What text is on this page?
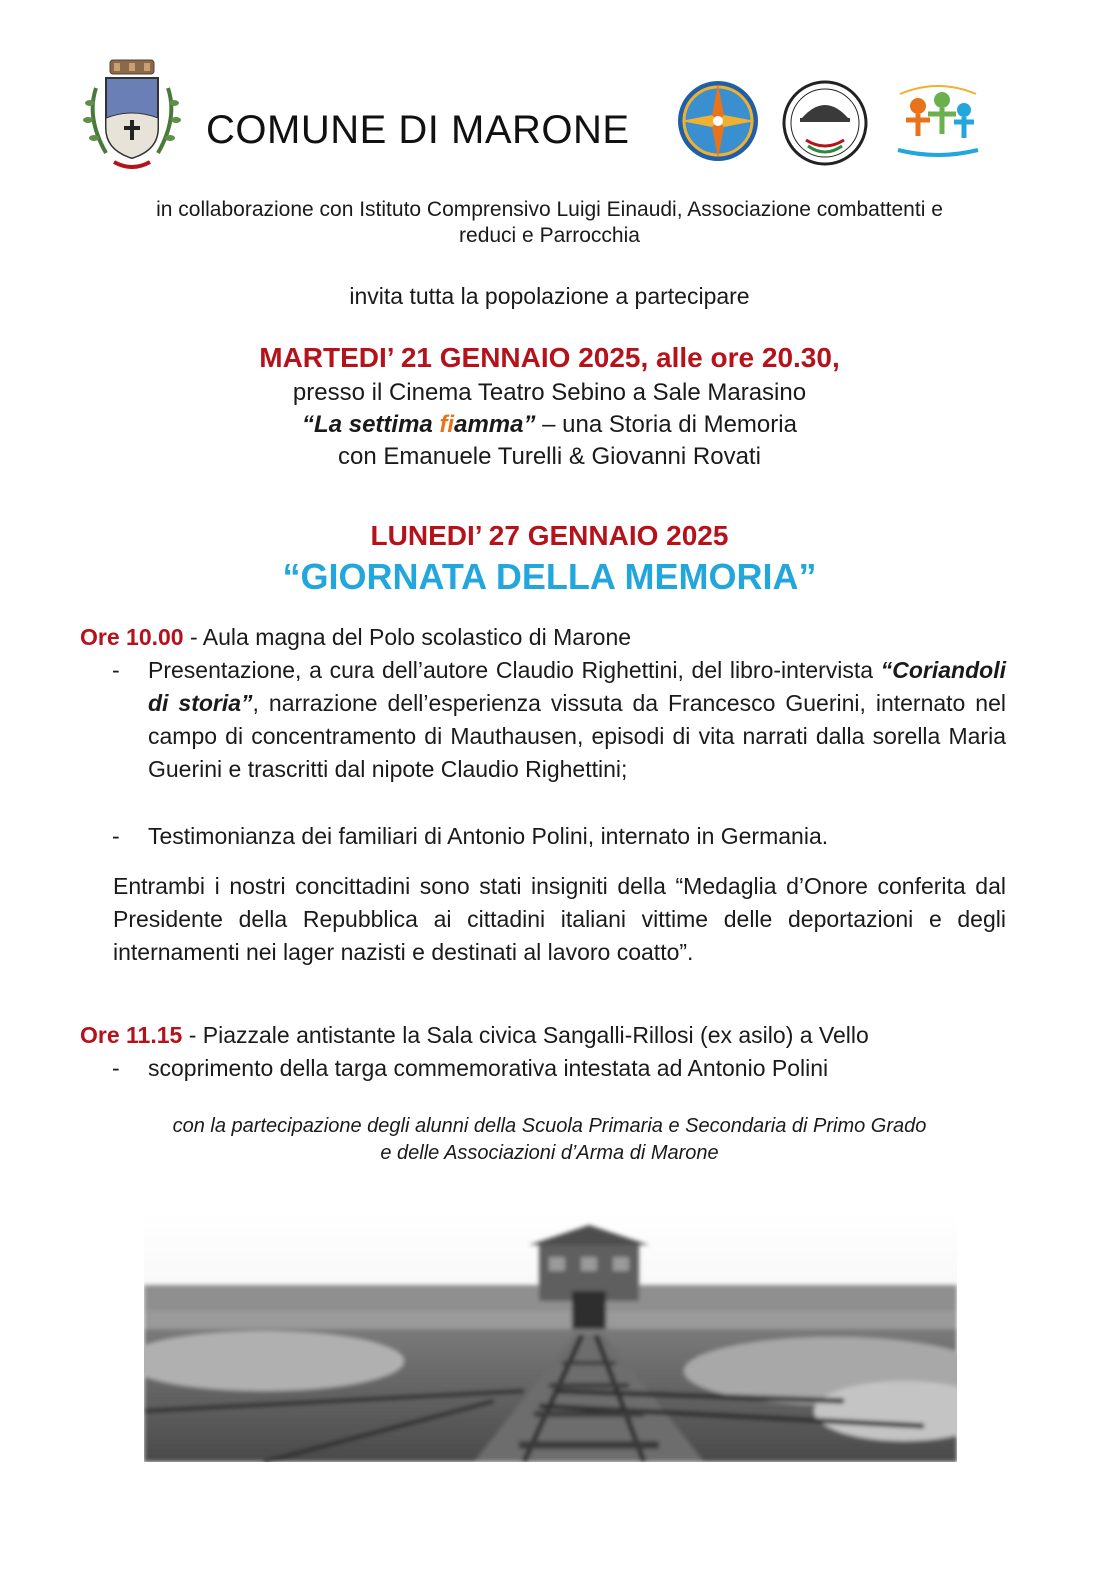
COMUNE DI MARONE
in collaborazione con Istituto Comprensivo Luigi Einaudi, Associazione combattenti e
reduci e Parrocchia
invita tutta la popolazione a partecipare
MARTEDI’ 21 GENNAIO 2025, alle ore 20.30,
presso il Cinema Teatro Sebino a Sale Marasino
“La settima fiamma” – una Storia di Memoria
con Emanuele Turelli & Giovanni Rovati
LUNEDI’ 27 GENNAIO 2025
“GIORNATA DELLA MEMORIA”
Ore 10.00 - Aula magna del Polo scolastico di Marone
-	Presentazione, a cura dell’autore Claudio Righettini, del libro-intervista “Coriandoli di storia”, narrazione dell’esperienza vissuta da Francesco Guerini, internato nel campo di concentramento di Mauthausen, episodi di vita narrati dalla sorella Maria Guerini e trascritti dal nipote Claudio Righettini;
-	Testimonianza dei familiari di Antonio Polini, internato in Germania.
Entrambi i nostri concittadini sono stati insigniti della “Medaglia d’Onore conferita dal Presidente della Repubblica ai cittadini italiani vittime delle deportazioni e degli internamenti nei lager nazisti e destinati al lavoro coatto”.
Ore 11.15 - Piazzale antistante la Sala civica Sangalli-Rillosi (ex asilo) a Vello
-	scoprimento della targa commemorativa intestata ad Antonio Polini
con la partecipazione degli alunni della Scuola Primaria e Secondaria di Primo Grado
e delle Associazioni d’Arma di Marone
